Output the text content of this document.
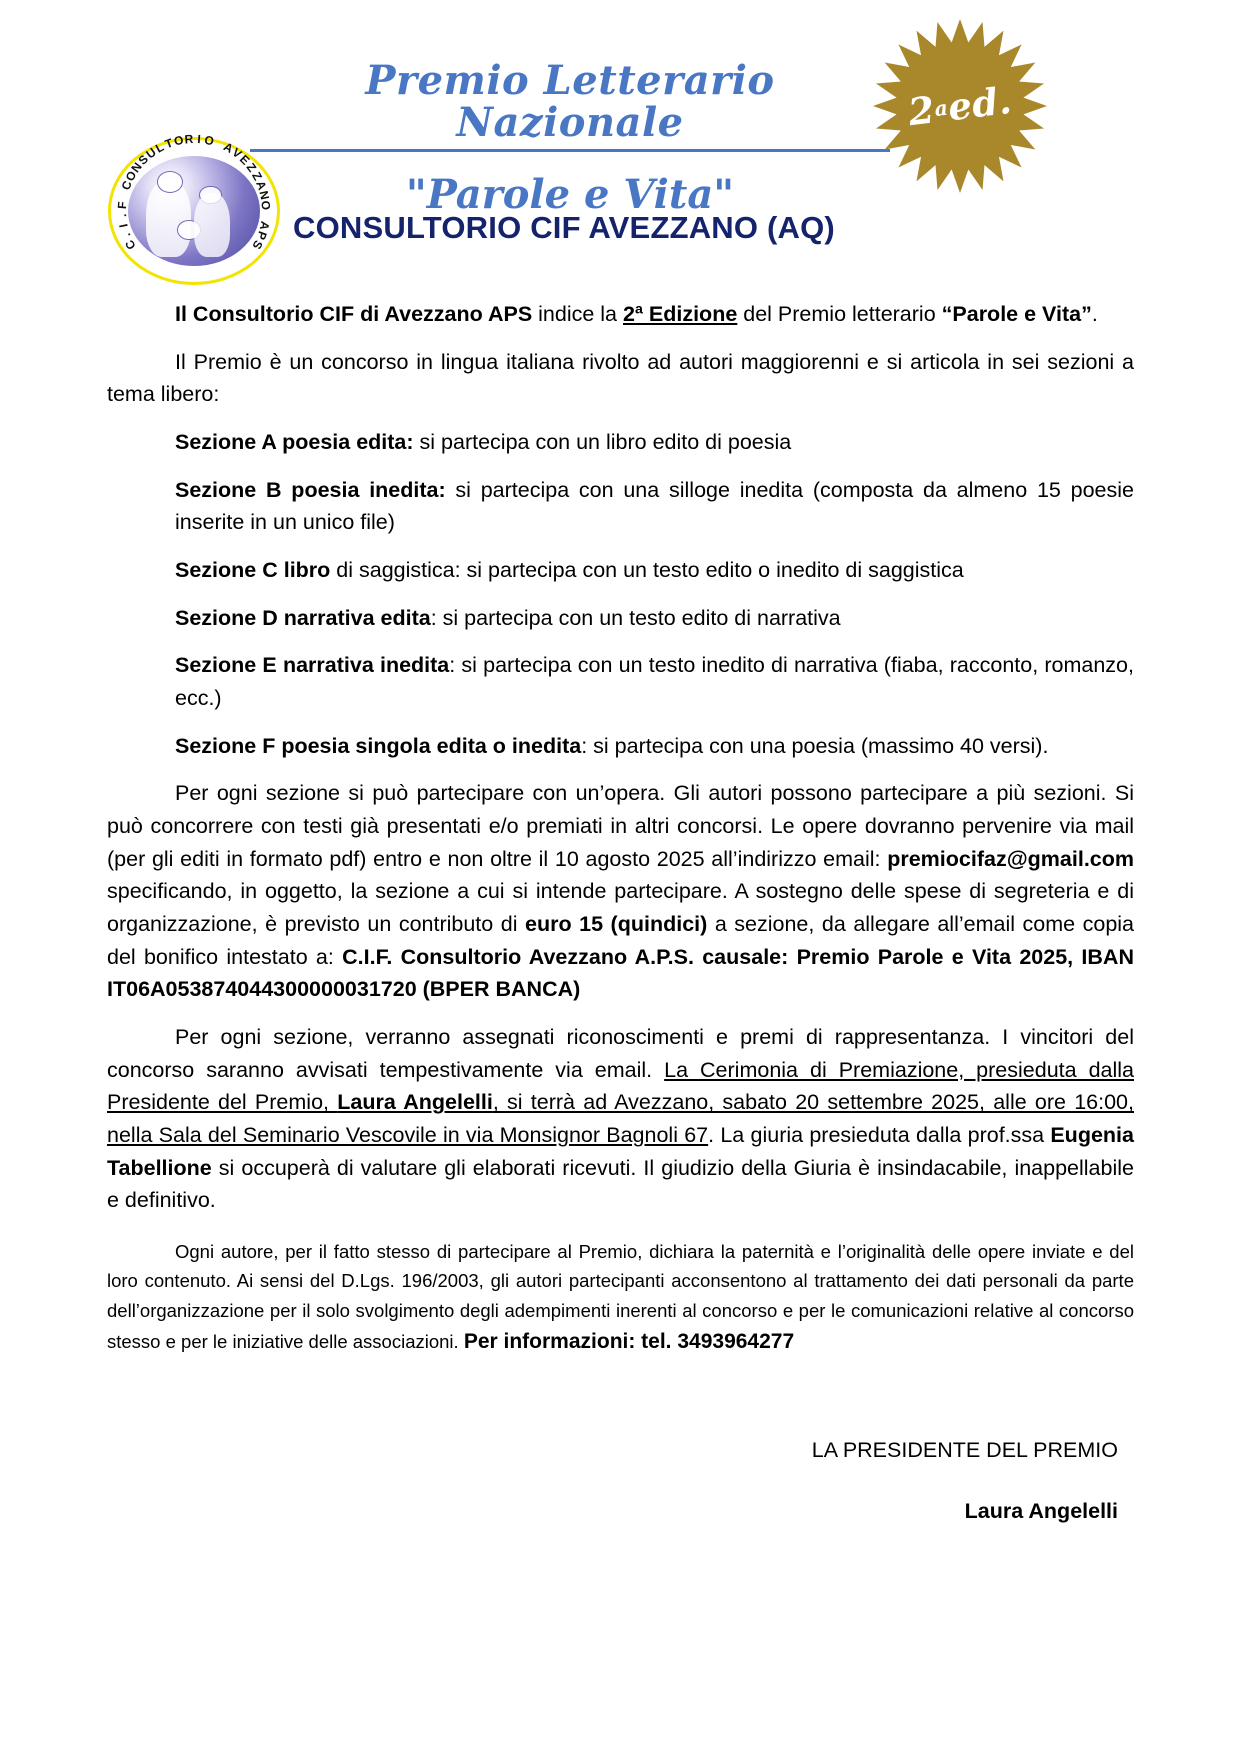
C
.
I
.
F
C
O
N
S
U
L
T
O R I O A
V
E
Z
Z
A
N
O
A
P
S
Premio Letterario Nazionale
"Parole e Vita"
CONSULTORIO CIF AVEZZANO (AQ)
2
a
ed.

Il Consultorio CIF di Avezzano APS indice la 2ª Edizione del Premio letterario “Parole e Vita”.

Il Premio è un concorso in lingua italiana rivolto ad autori maggiorenni e si articola in sei sezioni a tema libero:

Sezione A poesia edita: si partecipa con un libro edito di poesia

Sezione B poesia inedita: si partecipa con una silloge inedita (composta da almeno 15 poesie inserite in un unico file)

Sezione C libro di saggistica: si partecipa con un testo edito o inedito di saggistica

Sezione D narrativa edita: si partecipa con un testo edito di narrativa

Sezione E narrativa inedita: si partecipa con un testo inedito di narrativa (fiaba, racconto, romanzo, ecc.)

Sezione F poesia singola edita o inedita: si partecipa con una poesia (massimo 40 versi).

Per ogni sezione si può partecipare con un’opera. Gli autori possono partecipare a più sezioni. Si può concorrere con testi già presentati e/o premiati in altri concorsi. Le opere dovranno pervenire via mail (per gli editi in formato pdf) entro e non oltre il 10 agosto 2025 all’indirizzo email: premiocifaz@gmail.com specificando, in oggetto, la sezione a cui si intende partecipare. A sostegno delle spese di segreteria e di organizzazione, è previsto un contributo di euro 15 (quindici) a sezione, da allegare all’email come copia del bonifico intestato a: C.I.F. Consultorio Avezzano A.P.S. causale: Premio Parole e Vita 2025, IBAN IT06A053874044300000031720 (BPER BANCA)

Per ogni sezione, verranno assegnati riconoscimenti e premi di rappresentanza. I vincitori del concorso saranno avvisati tempestivamente via email. La Cerimonia di Premiazione, presieduta dalla Presidente del Premio, Laura Angelelli, si terrà ad Avezzano, sabato 20 settembre 2025, alle ore 16:00, nella Sala del Seminario Vescovile in via Monsignor Bagnoli 67. La giuria presieduta dalla prof.ssa Eugenia Tabellione si occuperà di valutare gli elaborati ricevuti. Il giudizio della Giuria è insindacabile, inappellabile e definitivo.

Ogni autore, per il fatto stesso di partecipare al Premio, dichiara la paternità e l’originalità delle opere inviate e del loro contenuto. Ai sensi del D.Lgs. 196/2003, gli autori partecipanti acconsentono al trattamento dei dati personali da parte dell’organizzazione per il solo svolgimento degli adempimenti inerenti al concorso e per le comunicazioni relative al concorso stesso e per le iniziative delle associazioni. Per informazioni: tel. 3493964277

LA PRESIDENTE DEL PREMIO
Laura Angelelli
